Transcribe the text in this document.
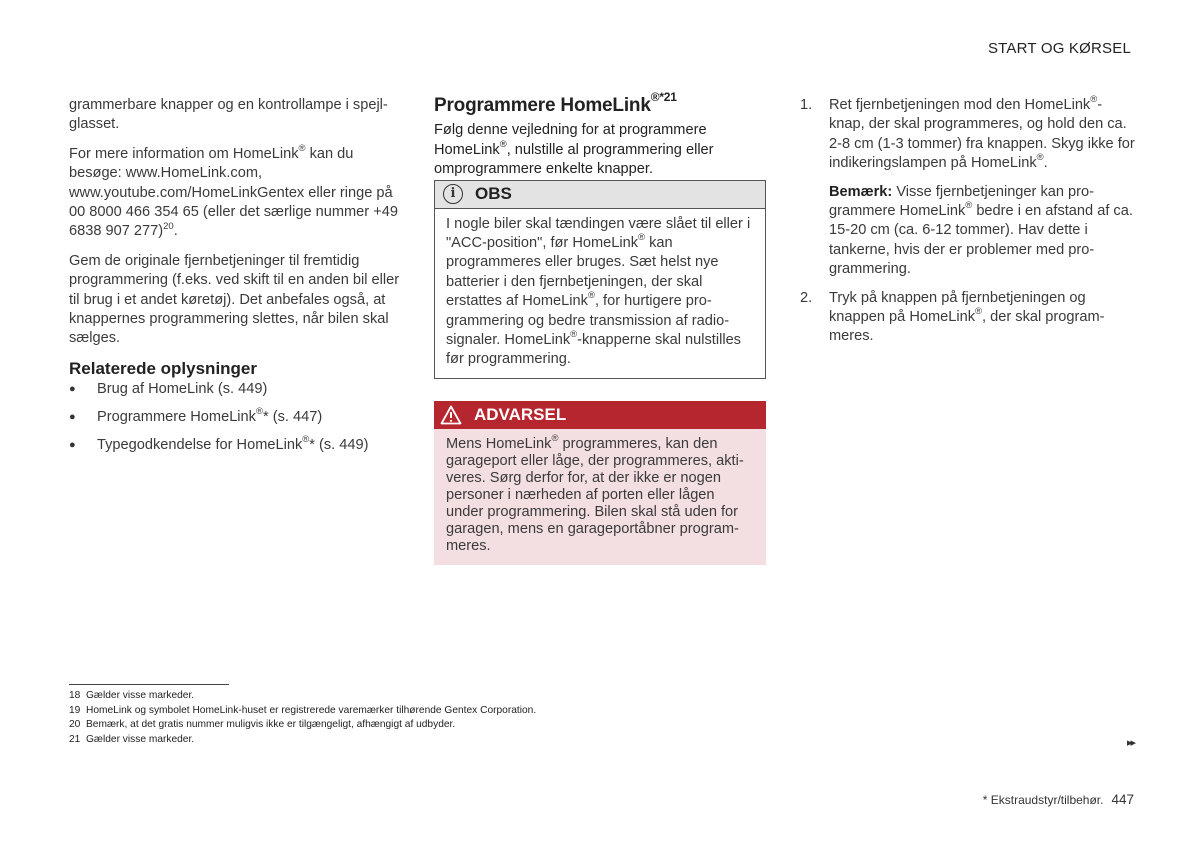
START OG KØRSEL

grammerbare knapper og en kontrollampe i spejl-glasset.

For mere information om HomeLink® kan du besøge: www.HomeLink.com, www.youtube.com/HomeLinkGentex eller ringe på 00 8000 466 354 65 (eller det særlige nummer +49 6838 907 277)$^{20}$.

Gem de originale fjernbetjeninger til fremtidig programmering (f.eks. ved skift til en anden bil eller til brug i et andet køretøj). Det anbefales også, at knappernes programmering slettes, når bilen skal sælges.

Relaterede oplysninger
● Brug af HomeLink (s. 449)
● Programmere HomeLink®* (s. 447)
● Typegodkendelse for HomeLink®* (s. 449)
Programmere HomeLink$^{®*21}$

Følg denne vejledning for at programmere HomeLink®, nulstille al programmering eller omprogrammere enkelte knapper.

i	OBS
I nogle biler skal tændingen være slået til eller i "ACC-position", før HomeLink® kan programmeres eller bruges. Sæt helst nye batterier i den fjernbetjeningen, der skal erstattes af HomeLink®, for hurtigere pro-grammering og bedre transmission af radio-signaler. HomeLink®-knapperne skal nulstilles før programmering.
ADVARSEL
Mens HomeLink® programmeres, kan den garageport eller låge, der programmeres, akti-veres. Sørg derfor for, at der ikke er nogen personer i nærheden af porten eller lågen under programmering. Bilen skal stå uden for garagen, mens en garageportåbner program-meres.
1. Ret fjernbetjeningen mod den HomeLink®-knap, der skal programmeres, og hold den ca. 2-8 cm (1-3 tommer) fra knappen. Skyg ikke for indikeringslampen på HomeLink®.

Bemærk: Visse fjernbetjeninger kan pro-grammere HomeLink® bedre i en afstand af ca. 15-20 cm (ca. 6-12 tommer). Hav dette i tankerne, hvis der er problemer med pro-grammering.

2. Tryk på knappen på fjernbetjeningen og knappen på HomeLink®, der skal program-meres.

18 Gælder visse markeder.
19 HomeLink og symbolet HomeLink-huset er registrerede varemærker tilhørende Gentex Corporation.
20 Bemærk, at det gratis nummer muligvis ikke er tilgængeligt, afhængigt af udbyder.
21 Gælder visse markeder.	▸▸
* Ekstraudstyr/tilbehør. 447
